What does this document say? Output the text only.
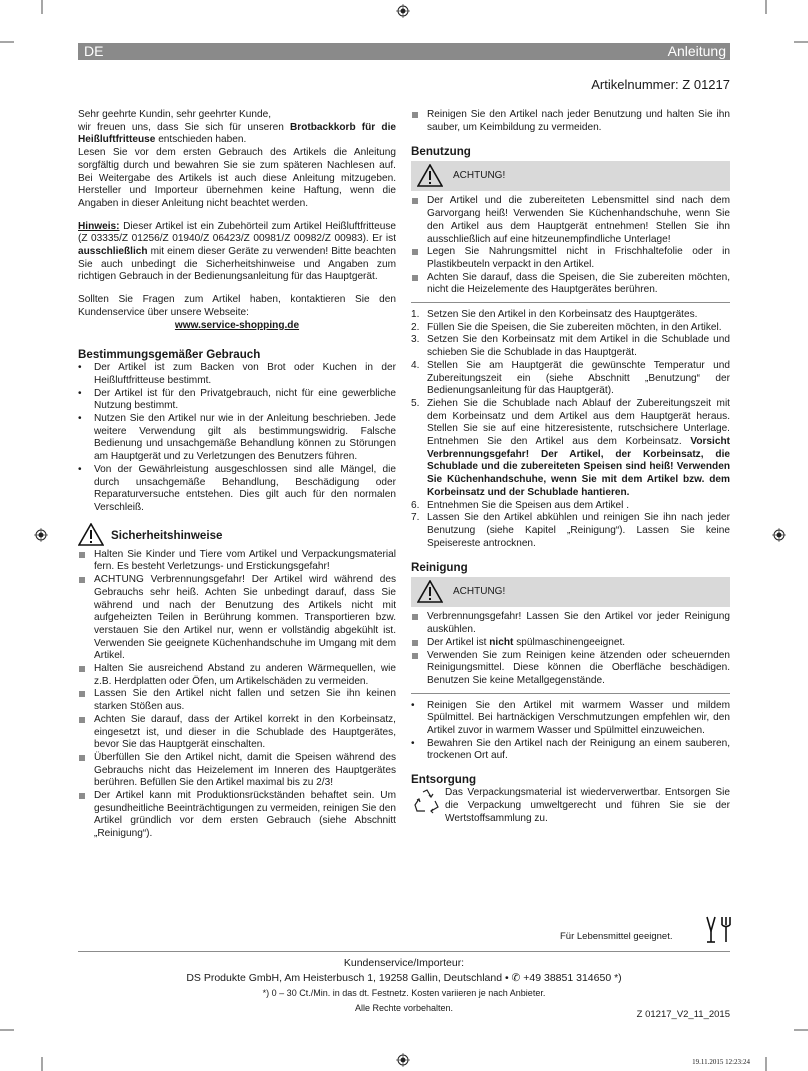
DE	Anleitung
Artikelnummer: Z 01217

Sehr geehrte Kundin, sehr geehrter Kunde,

wir freuen uns, dass Sie sich für unseren Brotbackkorb für die Heißluftfritteuse entschieden haben.

Lesen Sie vor dem ersten Gebrauch des Artikels die Anleitung sorgfältig durch und bewahren Sie sie zum späteren Nachlesen auf. Bei Weitergabe des Artikels ist auch diese Anleitung mitzugeben. Hersteller und Importeur übernehmen keine Haftung, wenn die Angaben in dieser Anleitung nicht beachtet werden.

Hinweis: Dieser Artikel ist ein Zubehörteil zum Artikel Heißluftfritteuse (Z 03335/Z 01256/Z 01940/Z 06423/Z 00981/Z 00982/Z 00983). Er ist ausschließlich mit einem dieser Geräte zu verwenden! Bitte beachten Sie auch unbedingt die Sicherheitshinweise und Angaben zum richtigen Gebrauch in der Bedienungsanleitung für das Hauptgerät.

Sollten Sie Fragen zum Artikel haben, kontaktieren Sie den Kundenservice über unsere Webseite:

www.service-shopping.de

Bestimmungsgemäßer Gebrauch

• Der Artikel ist zum Backen von Brot oder Kuchen in der Heißluftfritteuse bestimmt.

• Der Artikel ist für den Privatgebrauch, nicht für eine gewerbliche Nutzung bestimmt.

• Nutzen Sie den Artikel nur wie in der Anleitung beschrieben. Jede weitere Verwendung gilt als bestimmungswidrig. Falsche Bedienung und unsachgemäße Behandlung können zu Störungen am Hauptgerät und zu Verletzungen des Benutzers führen.

• Von der Gewährleistung ausgeschlossen sind alle Mängel, die durch unsachgemäße Behandlung, Beschädigung oder Reparaturversuche entstehen. Dies gilt auch für den normalen Verschleiß.

Sicherheitshinweise

Halten Sie Kinder und Tiere vom Artikel und Verpackungsmaterial fern. Es besteht Verletzungs- und Erstickungsgefahr!

ACHTUNG Verbrennungsgefahr! Der Artikel wird während des Gebrauchs sehr heiß. Achten Sie unbedingt darauf, dass Sie während und nach der Benutzung des Artikels nicht mit aufgeheizten Teilen in Berührung kommen. Transportieren bzw. verstauen Sie den Artikel nur, wenn er vollständig abgekühlt ist. Verwenden Sie geeignete Küchenhandschuhe im Umgang mit dem Artikel.

Halten Sie ausreichend Abstand zu anderen Wärmequellen, wie z.B. Herdplatten oder Öfen, um Artikelschäden zu vermeiden.

Lassen Sie den Artikel nicht fallen und setzen Sie ihn keinen starken Stößen aus.

Achten Sie darauf, dass der Artikel korrekt in den Korbeinsatz, eingesetzt ist, und dieser in die Schublade des Hauptgerätes, bevor Sie das Hauptgerät einschalten.

Überfüllen Sie den Artikel nicht, damit die Speisen während des Gebrauchs nicht das Heizelement im Inneren des Hauptgerätes berühren. Befüllen Sie den Artikel maximal bis zu 2/3!

Der Artikel kann mit Produktionsrückständen behaftet sein. Um gesundheitliche Beeinträchtigungen zu vermeiden, reinigen Sie den Artikel gründlich vor dem ersten Gebrauch (siehe Abschnitt „Reinigung“).

Reinigen Sie den Artikel nach jeder Benutzung und halten Sie ihn sauber, um Keimbildung zu vermeiden.

Benutzung

ACHTUNG!

Der Artikel und die zubereiteten Lebensmittel sind nach dem Garvorgang heiß! Verwenden Sie Küchenhandschuhe, wenn Sie den Artikel aus dem Hauptgerät entnehmen! Stellen Sie ihn ausschließlich auf eine hitzeunempfindliche Unterlage!

Legen Sie Nahrungsmittel nicht in Frischhaltefolie oder in Plastikbeuteln verpackt in den Artikel.

Achten Sie darauf, dass die Speisen, die Sie zubereiten möchten, nicht die Heizelemente des Hauptgerätes berühren.

1. Setzen Sie den Artikel in den Korbeinsatz des Hauptgerätes.

2. Füllen Sie die Speisen, die Sie zubereiten möchten, in den Artikel.

3. Setzen Sie den Korbeinsatz mit dem Artikel in die Schublade und schieben Sie die Schublade in das Hauptgerät.

4. Stellen Sie am Hauptgerät die gewünschte Temperatur und Zubereitungszeit ein (siehe Abschnitt „Benutzung“ der Bedienungsanleitung für das Hauptgerät).

5. Ziehen Sie die Schublade nach Ablauf der Zubereitungszeit mit dem Korbeinsatz und dem Artikel aus dem Hauptgerät heraus. Stellen Sie sie auf eine hitzeresistente, rutschsichere Unterlage. Entnehmen Sie den Artikel aus dem Korbeinsatz. Vorsicht Verbrennungsgefahr! Der Artikel, der Korbeinsatz, die Schublade und die zubereiteten Speisen sind heiß! Verwenden Sie Küchenhandschuhe, wenn Sie mit dem Artikel bzw. dem Korbeinsatz und der Schublade hantieren.

6. Entnehmen Sie die Speisen aus dem Artikel .

7. Lassen Sie den Artikel abkühlen und reinigen Sie ihn nach jeder Benutzung (siehe Kapitel „Reinigung“). Lassen Sie keine Speisereste antrocknen.

Reinigung

ACHTUNG!

Verbrennungsgefahr! Lassen Sie den Artikel vor jeder Reinigung auskühlen.

Der Artikel ist nicht spülmaschinengeeignet.

Verwenden Sie zum Reinigen keine ätzenden oder scheuernden Reinigungsmittel. Diese können die Oberfläche beschädigen. Benutzen Sie keine Metallgegenstände.

• Reinigen Sie den Artikel mit warmem Wasser und mildem Spülmittel. Bei hartnäckigen Verschmutzungen empfehlen wir, den Artikel zuvor in warmem Wasser und Spülmittel einzuweichen.

• Bewahren Sie den Artikel nach der Reinigung an einem sauberen, trockenen Ort auf.

Entsorgung

Das Verpackungsmaterial ist wiederverwertbar. Entsorgen Sie die Verpackung umweltgerecht und führen Sie sie der Wertstoffsammlung zu.

Für Lebensmittel geeignet.
Kundenservice/Importeur:
DS Produkte GmbH, Am Heisterbusch 1, 19258 Gallin, Deutschland • ✆ +49 38851 314650 *)
*) 0 – 30 Ct./Min. in das dt. Festnetz. Kosten variieren je nach Anbieter.
Alle Rechte vorbehalten.
Z 01217_V2_11_2015
19.11.2015 12:23:24
